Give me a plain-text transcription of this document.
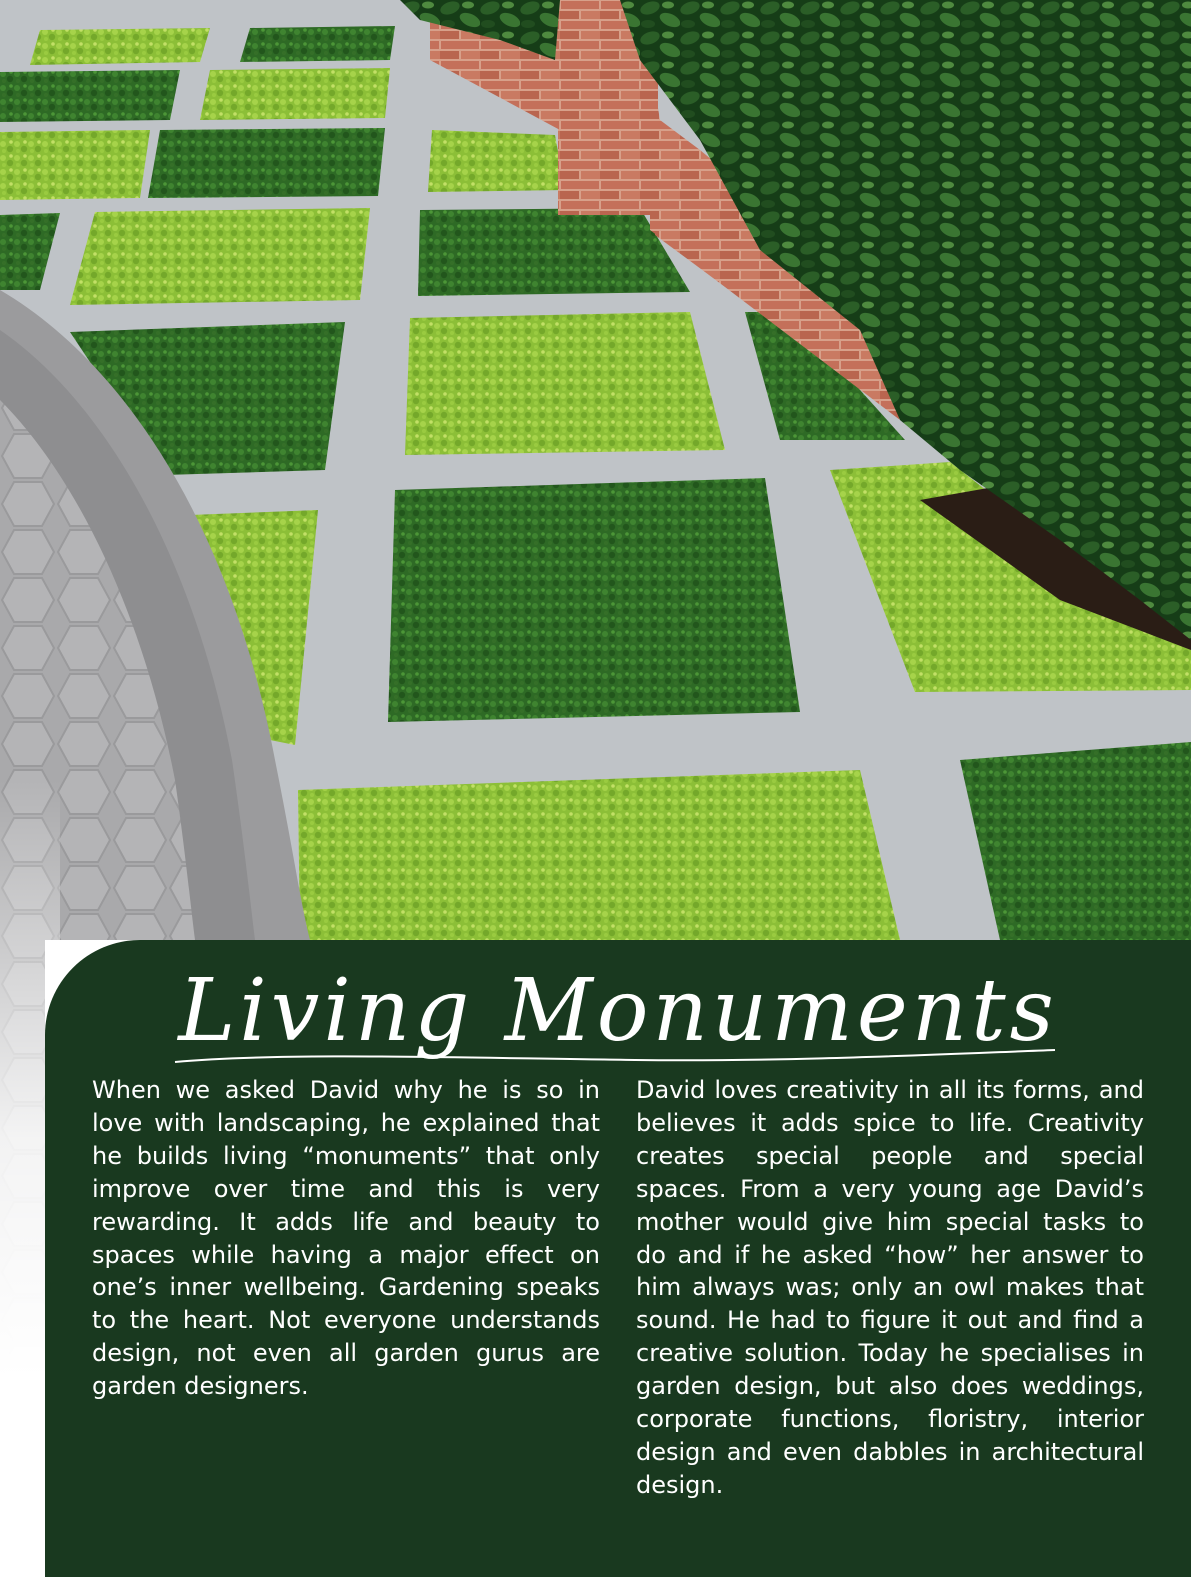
Living Monuments

When we asked David why he is so in love with landscaping, he explained that he builds living “monuments” that only improve over time and this is very rewarding. It adds life and beauty to spaces while having a major effect on one’s inner wellbeing. Gardening speaks to the heart. Not everyone understands design, not even all garden gurus are garden designers.

David loves creativity in all its forms, and believes it adds spice to life. Creativity creates special people and special spaces. From a very young age David’s mother would give him special tasks to do and if he asked “how” her answer to him always was; only an owl makes that sound. He had to figure it out and find a creative solution. Today he specialises in garden design, but also does weddings, corporate functions, floristry, interior design and even dabbles in architectural design.
